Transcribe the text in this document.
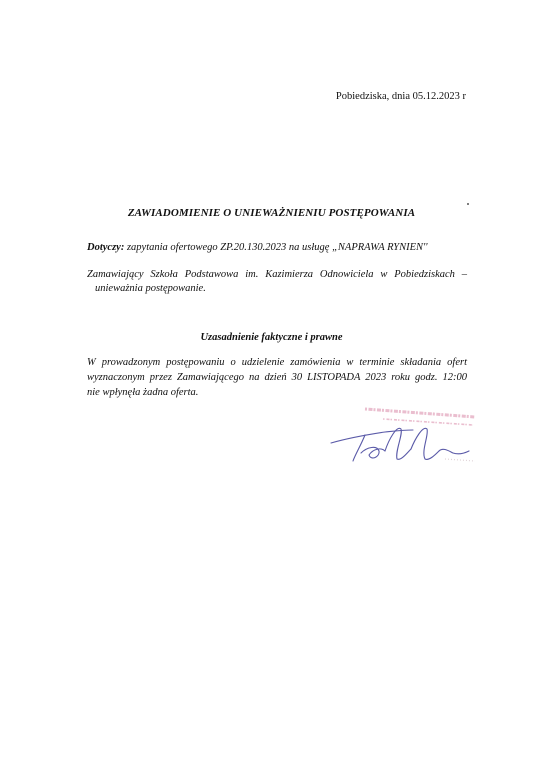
Pobiedziska, dnia 05.12.2023 r
ZAWIADOMIENIE O UNIEWAŻNIENIU POSTĘPOWANIA
Dotyczy: zapytania ofertowego ZP.20.130.2023 na usługę „NAPRAWA RYNIEN''
Zamawiający Szkoła Podstawowa im. Kazimierza Odnowiciela w Pobiedziskach –
unieważnia postępowanie.
Uzasadnienie faktyczne i prawne
W prowadzonym postępowaniu o udzielenie zamówienia w terminie składania ofert
wyznaczonym przez Zamawiającego na dzień 30 LISTOPADA 2023 roku godz. 12:00
nie wpłynęła żadna oferta.
